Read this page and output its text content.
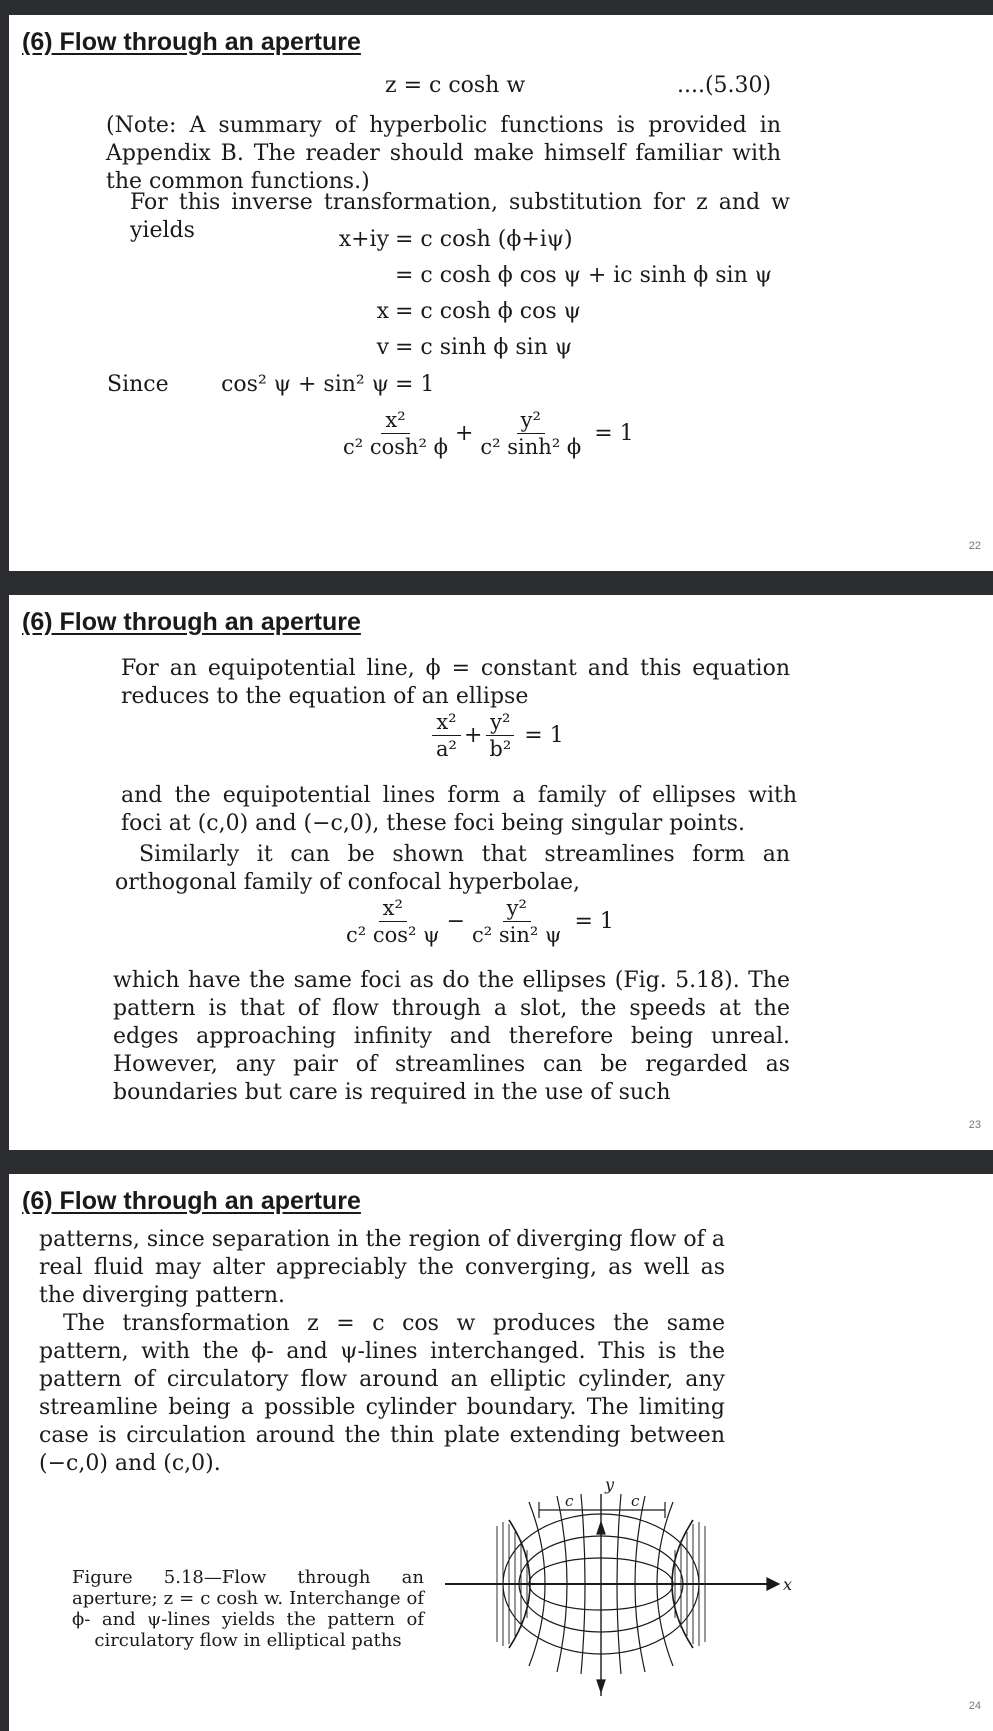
(6) Flow through an aperture
z = c cosh w	....(5.30)

(Note: A summary of hyperbolic functions is provided in Appendix B. The reader should make himself familiar with the common functions.)

For this inverse transformation, substitution for z and w yields	x+iy = c cosh (ϕ+iψ)
= c cosh ϕ cos ψ + ic sinh ϕ sin ψ
x = c cosh ϕ cos ψ
v = c sinh ϕ sin ψ
Since	cos² ψ + sin² ψ = 1
$\frac{\text{x²}}{\text{c² cosh² ϕ}} + \frac{\text{y²}}{\text{c² sinh² ϕ}} = 1$
22
(6) Flow through an aperture

For an equipotential line, ϕ = constant and this equation reduces to the equation of an ellipse

$\frac{\text{x²}}{\text{a²}} + \frac{\text{y²}}{\text{b²}} = 1$

and the equipotential lines form a family of ellipses with foci at (c,0) and (−c,0), these foci being singular points.

Similarly it can be shown that streamlines form an orthogonal family of confocal hyperbolae,

$\frac{\text{x²}}{\text{c² cos² ψ}} - \frac{\text{y²}}{\text{c² sin² ψ}} = 1$

which have the same foci as do the ellipses (Fig. 5.18). The pattern is that of flow through a slot, the speeds at the edges approaching infinity and therefore being unreal. However, any pair of streamlines can be regarded as boundaries but care is required in the use of such

23
(6) Flow through an aperture

patterns, since separation in the region of diverging flow of a real fluid may alter appreciably the converging, as well as the diverging pattern.

The transformation z = c cos w produces the same pattern, with the ϕ- and ψ-lines interchanged. This is the pattern of circulatory flow around an elliptic cylinder, any streamline being a possible cylinder boundary. The limiting case is circulation around the thin plate extending between (−c,0) and (c,0).

Figure 5.18—Flow through an aperture; z = c cosh w. Interchange of ϕ- and ψ-lines yields the pattern of circulatory flow in elliptical paths
y
x
c	c
24
